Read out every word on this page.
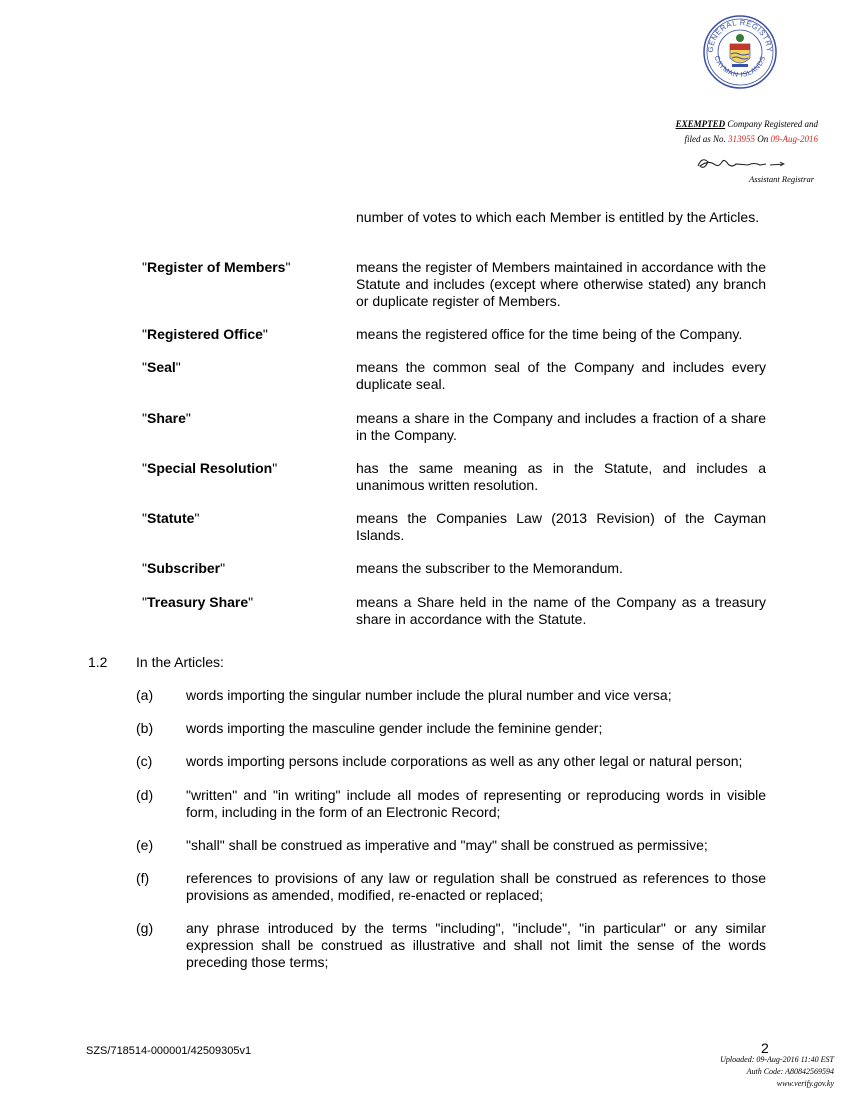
GENERAL REGISTRY
CAYMAN ISLANDS
EXEMPTED Company Registered and
filed as No. 313955 On 09-Aug-2016
Assistant Registrar
number of votes to which each Member is entitled by the Articles.
"Register of Members"	means the register of Members maintained in accordance with the Statute and includes (except where otherwise stated) any branch or duplicate register of Members.
"Registered Office"	means the registered office for the time being of the Company.
"Seal"	means the common seal of the Company and includes every duplicate seal.
"Share"	means a share in the Company and includes a fraction of a share in the Company.
"Special Resolution"	has the same meaning as in the Statute, and includes a unanimous written resolution.
"Statute"	means the Companies Law (2013 Revision) of the Cayman Islands.
"Subscriber"	means the subscriber to the Memorandum.
"Treasury Share"	means a Share held in the name of the Company as a treasury share in accordance with the Statute.
1.2 In the Articles:
(a) words importing the singular number include the plural number and vice versa;
(b) words importing the masculine gender include the feminine gender;
(c) words importing persons include corporations as well as any other legal or natural person;
(d) "written" and "in writing" include all modes of representing or reproducing words in visible form, including in the form of an Electronic Record;
(e) "shall" shall be construed as imperative and "may" shall be construed as permissive;
(f)	references to provisions of any law or regulation shall be construed as references to those provisions as amended, modified, re-enacted or replaced;
(g) any phrase introduced by the terms "including", "include", "in particular" or any similar expression shall be construed as illustrative and shall not limit the sense of the words preceding those terms;
SZS/718514-000001/42509305v1	2
Uploaded: 09-Aug-2016 11:40 EST
Auth Code: A80842569594
www.verify.gov.ky
